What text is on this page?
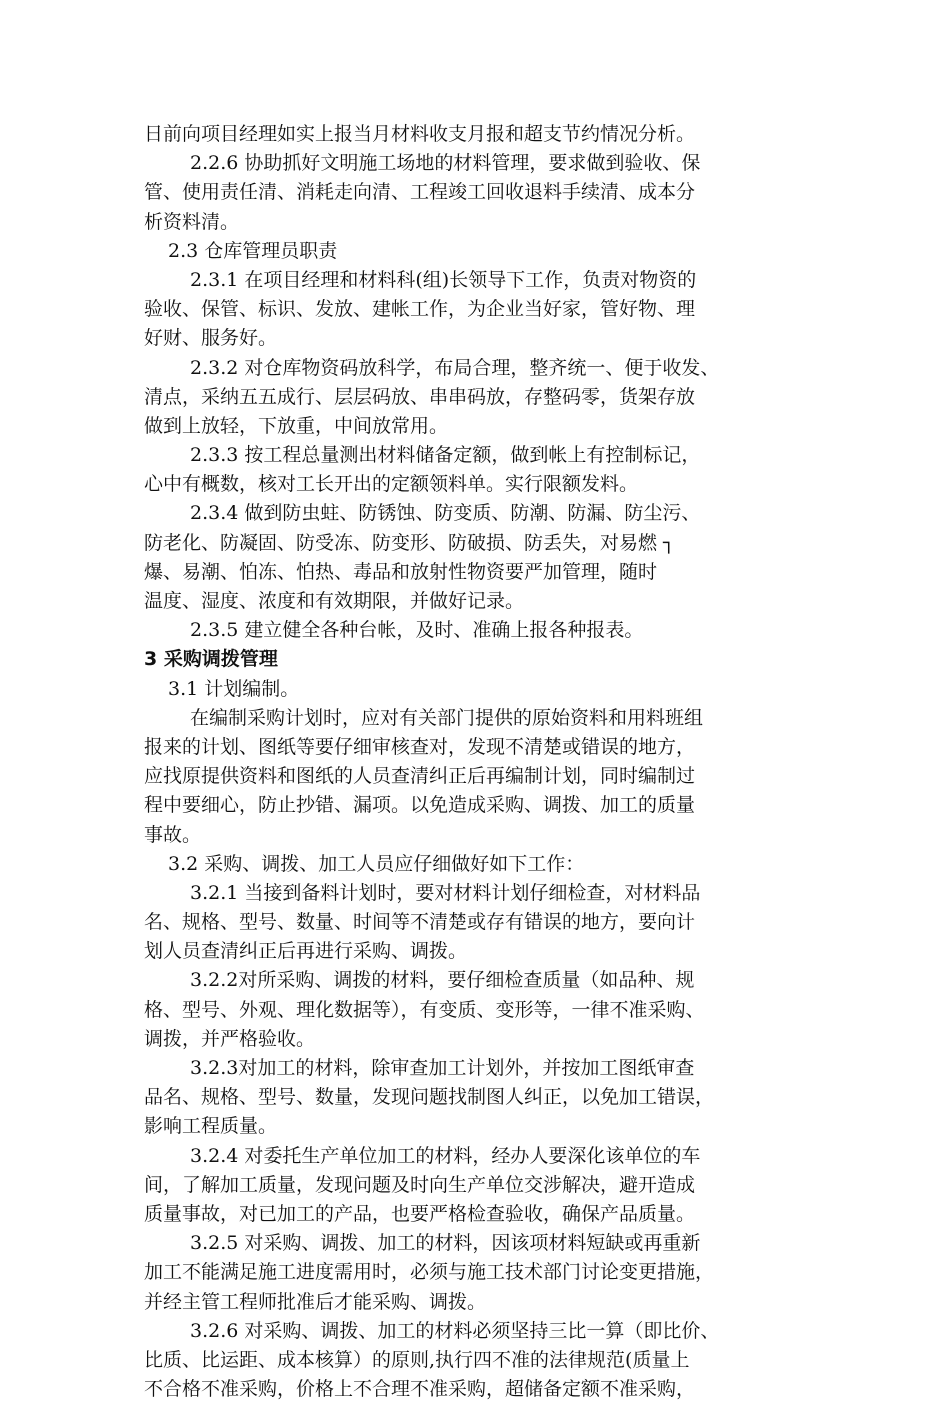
日前向项目经理如实上报当月材料收支月报和超支节约情况分析。
2.2.6 协助抓好文明施工场地的材料管理，要求做到验收、保
管、使用责任清、消耗走向清、工程竣工回收退料手续清、成本分
析资料清。
2.3 仓库管理员职责
2.3.1 在项目经理和材料科(组)长领导下工作，负责对物资的
验收、保管、标识、发放、建帐工作，为企业当好家，管好物、理
好财、服务好。
2.3.2 对仓库物资码放科学，布局合理，整齐统一、便于收发、
清点，采纳五五成行、层层码放、串串码放，存整码零，货架存放
做到上放轻，下放重，中间放常用。
2.3.3 按工程总量测出材料储备定额，做到帐上有控制标记，
心中有概数，核对工长开出的定额领料单。实行限额发料。
2.3.4 做到防虫蛀、防锈蚀、防变质、防潮、防漏、防尘污、
防老化、防凝固、防受冻、防变形、防破损、防丢失，对易燃 ┐
爆、易潮、怕冻、怕热、毒品和放射性物资要严加管理，随时
温度、湿度、浓度和有效期限，并做好记录。
2.3.5 建立健全各种台帐，及时、准确上报各种报表。
3 采购调拨管理
3.1 计划编制。
在编制采购计划时，应对有关部门提供的原始资料和用料班组
报来的计划、图纸等要仔细审核查对，发现不清楚或错误的地方，
应找原提供资料和图纸的人员查清纠正后再编制计划，同时编制过
程中要细心，防止抄错、漏项。以免造成采购、调拨、加工的质量
事故。
3.2 采购、调拨、加工人员应仔细做好如下工作：
3.2.1 当接到备料计划时，要对材料计划仔细检查，对材料品
名、规格、型号、数量、时间等不清楚或存有错误的地方，要向计
划人员查清纠正后再进行采购、调拨。
3.2.2对所采购、调拨的材料，要仔细检查质量（如品种、规
格、型号、外观、理化数据等），有变质、变形等，一律不准采购、
调拨，并严格验收。
3.2.3对加工的材料，除审查加工计划外，并按加工图纸审查
品名、规格、型号、数量，发现问题找制图人纠正，以免加工错误，
影响工程质量。
3.2.4 对委托生产单位加工的材料，经办人要深化该单位的车
间，了解加工质量，发现问题及时向生产单位交涉解决，避开造成
质量事故，对已加工的产品，也要严格检查验收，确保产品质量。
3.2.5 对采购、调拨、加工的材料，因该项材料短缺或再重新
加工不能满足施工进度需用时，必须与施工技术部门讨论变更措施，
并经主管工程师批准后才能采购、调拨。
3.2.6 对采购、调拨、加工的材料必须坚持三比一算（即比价、
比质、比运距、成本核算）的原则,执行四不准的法律规范(质量上
不合格不准采购，价格上不合理不准采购，超储备定额不准采购，
